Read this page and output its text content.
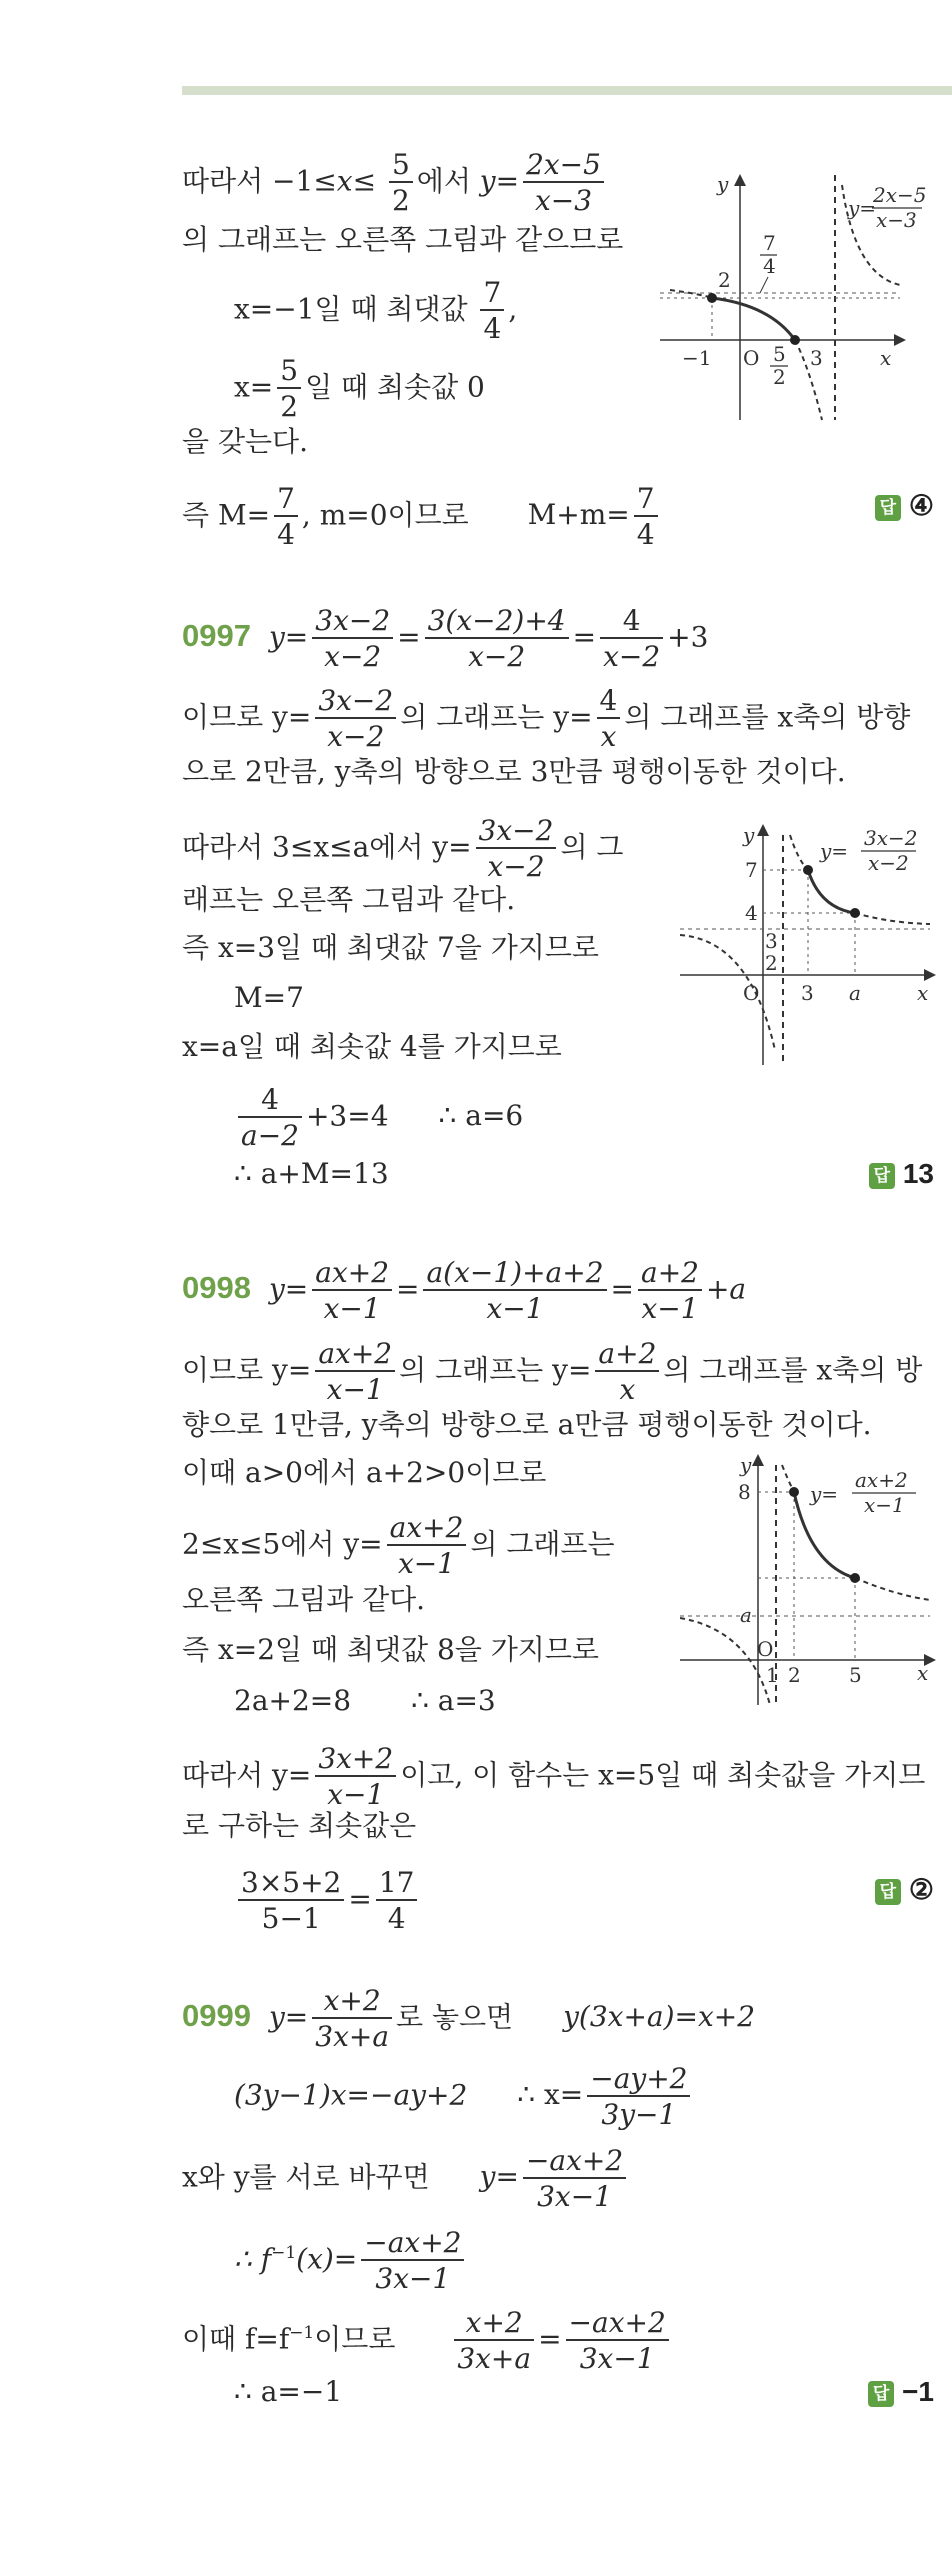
따라서 $-1\le x\le \frac{5}{2}$ 에서 $y= \frac{2x-5}{x-3}$
의 그래프는 오른쪽 그림과 같으므로
x=−1일 때 최댓값 $\frac{7}{4}$ ,
$x= \frac{5}{2}$ 일 때 최솟값 0
을 갖는다.
즉 $M= \frac{7}{4}$ , m=0이므로 $M+m= \frac{7}{4}$	답 ④
y
x
O
2
−1	3
5
2
7
4
y=
2x−5
x−3
0997 $y= \frac{3x-2}{x-2} = \frac{3(x-2)+4}{x-2} = \frac{4}{x-2} +3$
이므로 $y= \frac{3x-2}{x-2}$ 의 그래프는 $y= \frac{4}{x}$ 의 그래프를 x축의 방향
으로 2만큼, y축의 방향으로 3만큼 평행이동한 것이다.
따라서 3≤x≤a에서 $y= \frac{3x-2}{x-2}$ 의 그
래프는 오른쪽 그림과 같다.
즉 x=3일 때 최댓값 7을 가지므로
M=7
x=a일 때 최솟값 4를 가지므로
$\frac{4}{a-2} +3=4$ ∴ a=6
∴ a+M=13	답 13
y
x
O
7
4
3
2
3 a
y=
3x−2
x−2
0998 $y= \frac{ax+2}{x-1} = \frac{a(x-1)+a+2}{x-1} = \frac{a+2}{x-1} +a$
이므로 $y= \frac{ax+2}{x-1}$ 의 그래프는 $y= \frac{a+2}{x}$ 의 그래프를 x축의 방
향으로 1만큼, y축의 방향으로 a만큼 평행이동한 것이다.
이때 a>0에서 a+2>0이므로
2≤x≤5에서 $y= \frac{ax+2}{x-1}$ 의 그래프는
오른쪽 그림과 같다.
즉 x=2일 때 최댓값 8을 가지므로
2a+2=8 ∴ a=3
따라서 $y= \frac{3x+2}{x-1}$ 이고, 이 함수는 x=5일 때 최솟값을 가지므
로 구하는 최솟값은
$\frac{3\times 5+2}{5-1} = \frac{17}{4}$	답 ②
y
x
O
8
a
1 2 5
y=
ax+2
x−1
0999 $y= \frac{x+2}{3x+a}$ 로 놓으면 y(3x+a)=x+2
(3y−1)x=−ay+2 ∴ $x= \frac{-ay+2}{3y-1}$
x와 y를 서로 바꾸면 $y= \frac{-ax+2}{3x-1}$
∴ $f^{-1}(x)= \frac{-ax+2}{3x-1}$
이때 $f=f^{-1}$이므로 $\frac{x+2}{3x+a} = \frac{-ax+2}{3x-1}$
∴ a=−1	답 −1
